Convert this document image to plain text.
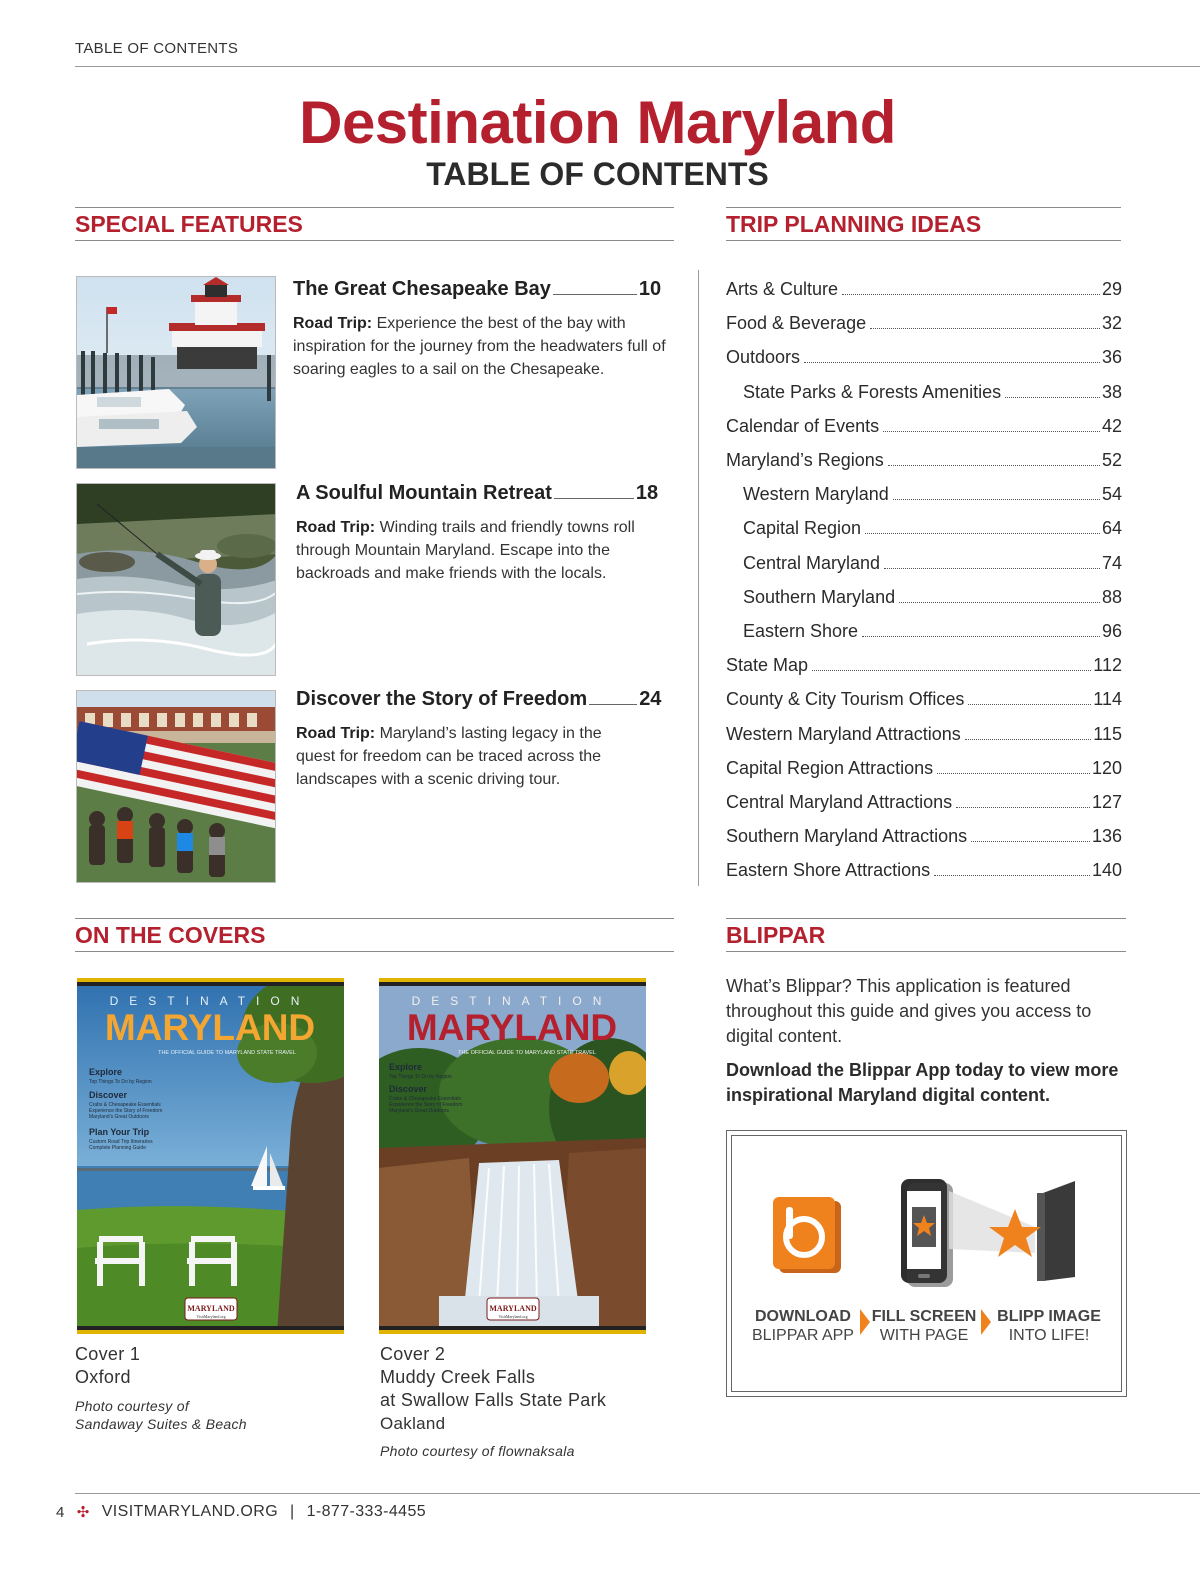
TABLE OF CONTENTS
Destination Maryland
TABLE OF CONTENTS
SPECIAL FEATURES
The Great Chesapeake Bay	10
Road Trip: Experience the best of the bay with inspiration for the journey from the headwaters full of soaring eagles to a sail on the Chesapeake.
A Soulful Mountain Retreat	18
Road Trip: Winding trails and friendly towns roll through Mountain Maryland. Escape into the backroads and make friends with the locals.
Discover the Story of Freedom	24
Road Trip: Maryland’s lasting legacy in the quest for freedom can be traced across the landscapes with a scenic driving tour.
TRIP PLANNING IDEAS
Arts & Culture	29
Food & Beverage	32
Outdoors	36
State Parks & Forests Amenities	38
Calendar of Events	42
Maryland’s Regions	52
Western Maryland	54
Capital Region	64
Central Maryland	74
Southern Maryland	88
Eastern Shore	96
State Map	112
County & City Tourism Offices	114
Western Maryland Attractions	115
Capital Region Attractions	120
Central Maryland Attractions	127
Southern Maryland Attractions	136
Eastern Shore Attractions	140
ON THE COVERS
DESTINATION
MARYLAND
THE OFFICIAL GUIDE TO MARYLAND STATE TRAVEL
Explore
Top Things To Do by Region
Discover
Crabs & Chesapeake Essentials
Experience the Story of Freedom
Maryland’s Great Outdoors
Plan Your Trip
Custom Road Trip Itineraries
Complete Planning Guide
MARYLAND
VisitMaryland.org
Cover 1
Oxford
Photo courtesy of
Sandaway Suites & Beach
DESTINATION
MARYLAND
THE OFFICIAL GUIDE TO MARYLAND STATE TRAVEL
Explore
Top Things To Do by Region
Discover
Crabs & Chesapeake Essentials
Experience the Story of Freedom
Maryland’s Great Outdoors
MARYLAND
VisitMaryland.org
Cover 2
Muddy Creek Falls
at Swallow Falls State Park
Oakland
Photo courtesy of flownaksala
BLIPPAR
What’s Blippar? This application is featured throughout this guide and gives you access to digital content.
Download the Blippar App today to view more inspirational Maryland digital content.
DOWNLOAD
BLIPPAR APP
FILL SCREEN
WITH PAGE
BLIPP IMAGE
INTO LIFE!
4 ✣ VISITMARYLAND.ORG | 1-877-333-4455
